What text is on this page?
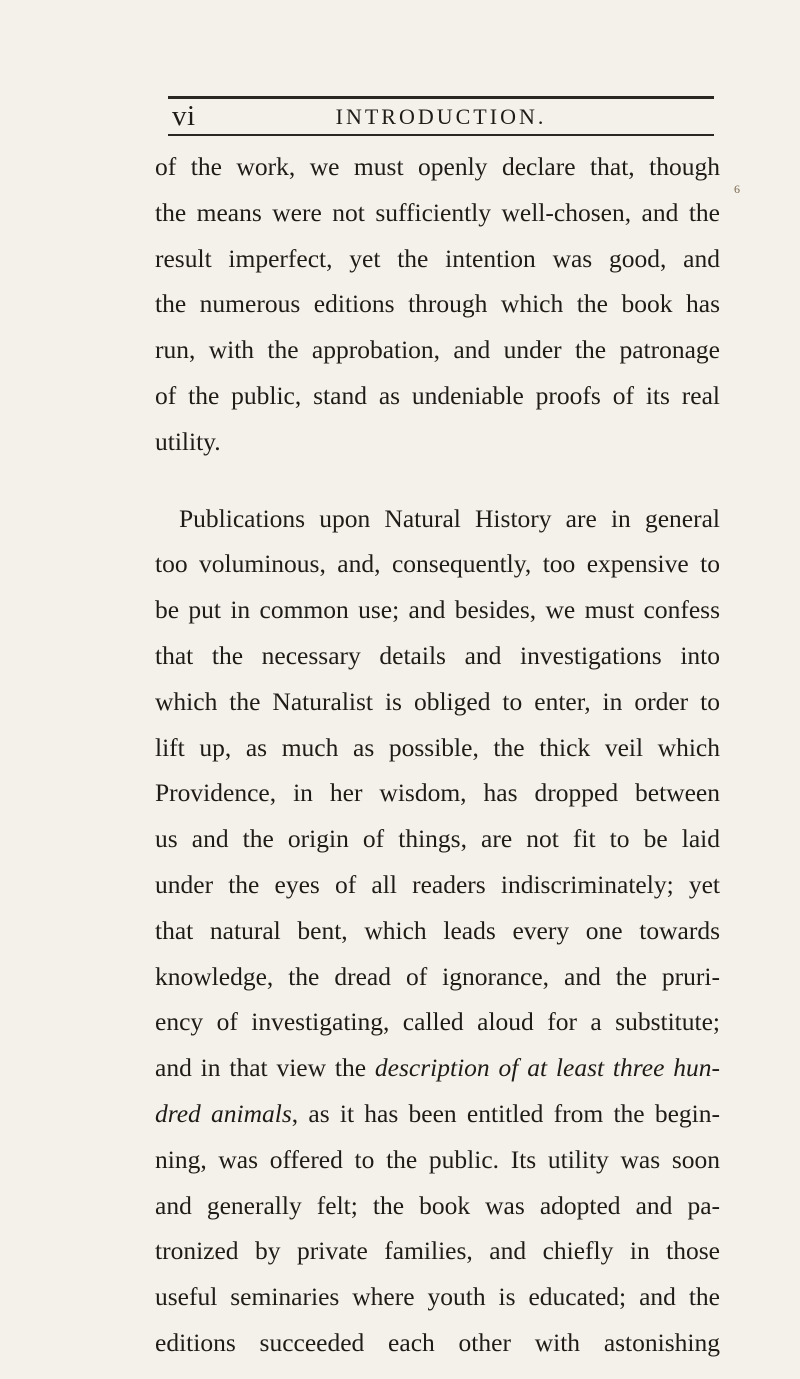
vi	INTRODUCTION.
6
of the work, we must openly declare that, though
the means were not sufficiently well-chosen, and the
result imperfect, yet the intention was good, and
the numerous editions through which the book has
run, with the approbation, and under the patronage
of the public, stand as undeniable proofs of its real
utility.
Publications upon Natural History are in general
too voluminous, and, consequently, too expensive to
be put in common use; and besides, we must confess
that the necessary details and investigations into
which the Naturalist is obliged to enter, in order to
lift up, as much as possible, the thick veil which
Providence, in her wisdom, has dropped between
us and the origin of things, are not fit to be laid
under the eyes of all readers indiscriminately; yet
that natural bent, which leads every one towards
knowledge, the dread of ignorance, and the pruri-
ency of investigating, called aloud for a substitute;
and in that view the description of at least three hun-
dred animals, as it has been entitled from the begin-
ning, was offered to the public. Its utility was soon
and generally felt; the book was adopted and pa-
tronized by private families, and chiefly in those
useful seminaries where youth is educated; and the
editions succeeded each other with astonishing
